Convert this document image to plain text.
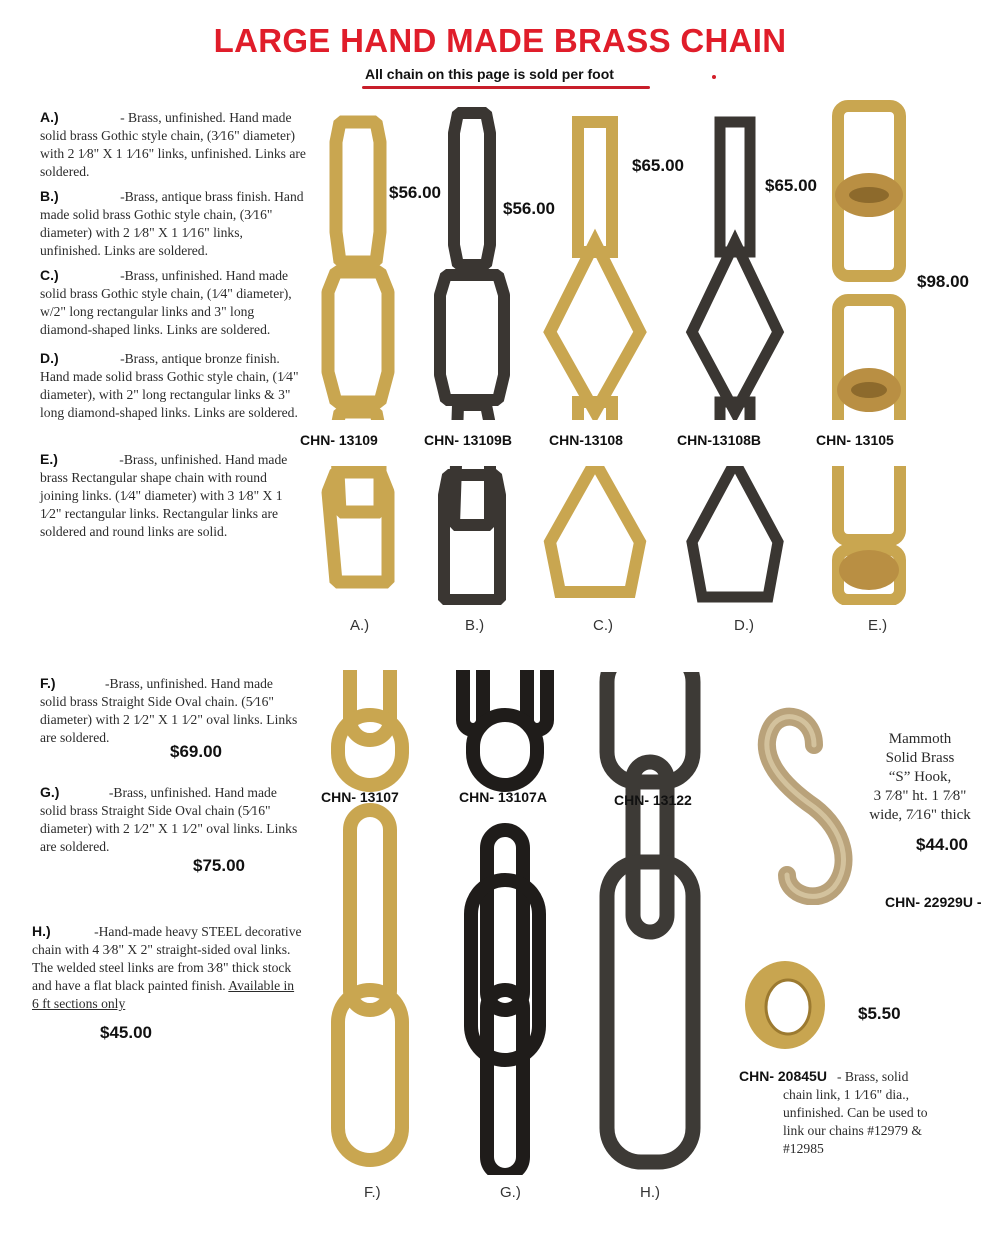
LARGE HAND MADE BRASS CHAIN
All chain on this page is sold per foot
A.)	- Brass, unfinished. Hand made solid brass Gothic style chain, (3⁄16" diameter) with 2 1⁄8" X 1 1⁄16" links, unfinished. Links are soldered.
B.)	-Brass, antique brass finish. Hand made solid brass Gothic style chain, (3⁄16" diameter) with 2 1⁄8" X 1 1⁄16" links, unfinished. Links are soldered.
C.)	-Brass, unfinished. Hand made solid brass Gothic style chain, (1⁄4" diameter), w/2" long rectangular links and 3" long diamond-shaped links. Links are soldered.
D.)	-Brass, antique bronze finish. Hand made solid brass Gothic style chain, (1⁄4" diameter), with 2" long rectangular links & 3" long diamond-shaped links. Links are soldered.
E.)	-Brass, unfinished. Hand made brass Rectangular shape chain with round joining links. (1⁄4" diameter) with 3 1⁄8" X 1 1⁄2" rectangular links. Rectangular links are soldered and round links are solid.
$56.00
$56.00
$65.00
$65.00
$98.00
CHN- 13109	CHN- 13109B	CHN-13108	CHN-13108B	CHN- 13105
A.)	B.)	C.)	D.)	E.)
F.)	-Brass, unfinished. Hand made solid brass Straight Side Oval chain. (5⁄16" diameter) with 2 1⁄2" X 1 1⁄2" oval links. Links are soldered.
$69.00
G.)	-Brass, unfinished. Hand made solid brass Straight Side Oval chain (5⁄16" diameter) with 2 1⁄2" X 1 1⁄2" oval links. Links are soldered.
$75.00
H.)	-Hand-made heavy STEEL decorative chain with 4 3⁄8" X 2" straight-sided oval links. The welded steel links are from 3⁄8" thick stock and have a flat black painted finish. Available in 6 ft sections only
$45.00
CHN- 13107	CHN- 13107A	CHN- 13122
F.)	G.)	H.)
Mammoth
Solid Brass
“S” Hook,
3 7⁄8" ht. 1 7⁄8"
wide, 7⁄16" thick
$44.00
CHN- 22929U -
$5.50
CHN- 20845U - Brass, solid chain link, 1 1⁄16" dia., unfinished. Can be used to link our chains #12979 & #12985
